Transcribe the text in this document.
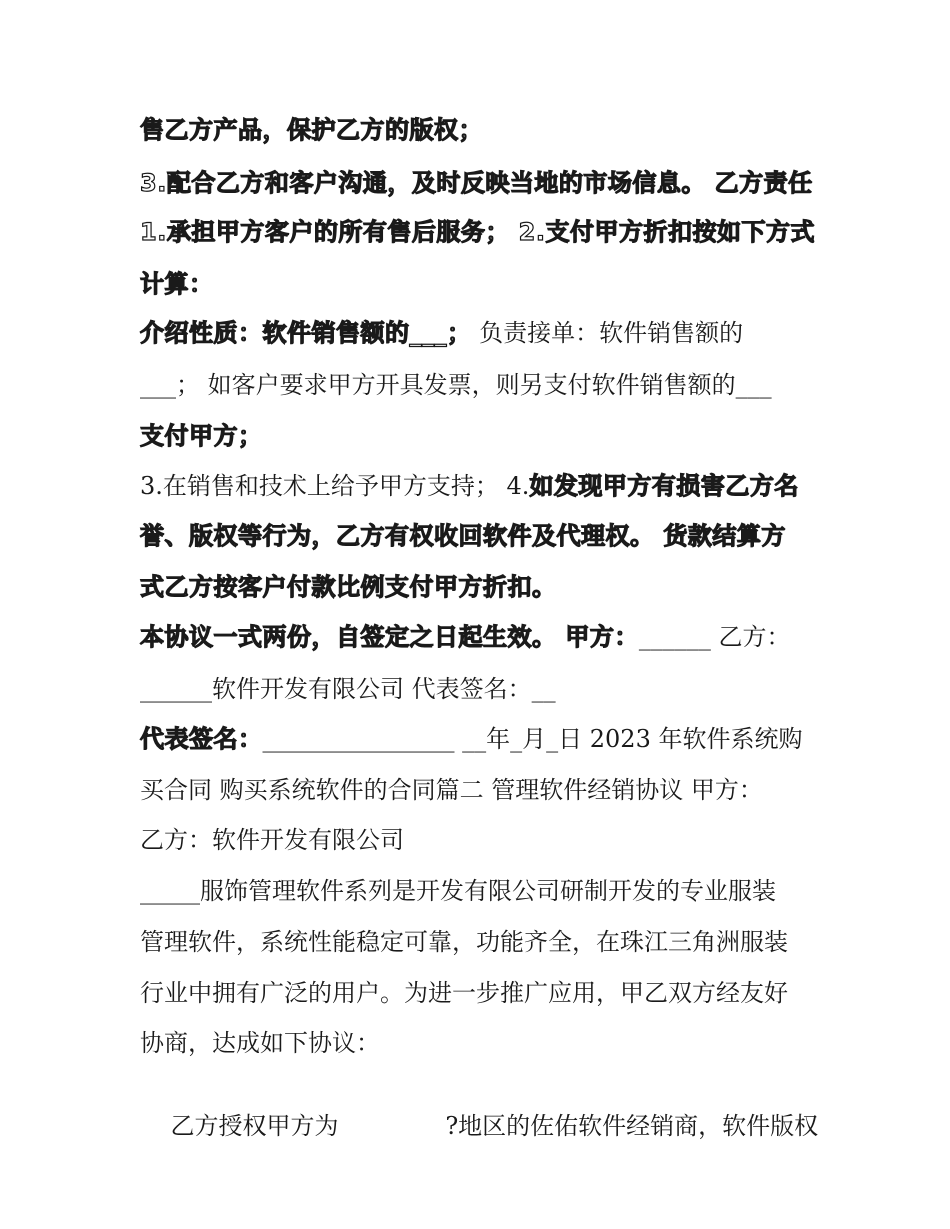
售乙方产品，保护乙方的版权；
3.配合乙方和客户沟通，及时反映当地的市场信息。 乙方责任
1.承担甲方客户的所有售后服务； 2.支付甲方折扣按如下方式
计算：
介绍性质：软件销售额的___； 负责接单：软件销售额的
___； 如客户要求甲方开具发票，则另支付软件销售额的___
支付甲方；
3.在销售和技术上给予甲方支持； 4.如发现甲方有损害乙方名
誉、版权等行为，乙方有权收回软件及代理权。 货款结算方
式乙方按客户付款比例支付甲方折扣。
本协议一式两份，自签定之日起生效。 甲方：______ 乙方：
______软件开发有限公司 代表签名：__
代表签名：________________ __年_月_日 2023 年软件系统购
买合同 购买系统软件的合同篇二 管理软件经销协议 甲方：
乙方：软件开发有限公司
_____服饰管理软件系列是开发有限公司研制开发的专业服装
管理软件，系统性能稳定可靠，功能齐全，在珠江三角洲服装
行业中拥有广泛的用户。为进一步推广应用，甲乙双方经友好
协商，达成如下协议：

乙方授权甲方为              ?地区的佐佑软件经销商，软件版权
